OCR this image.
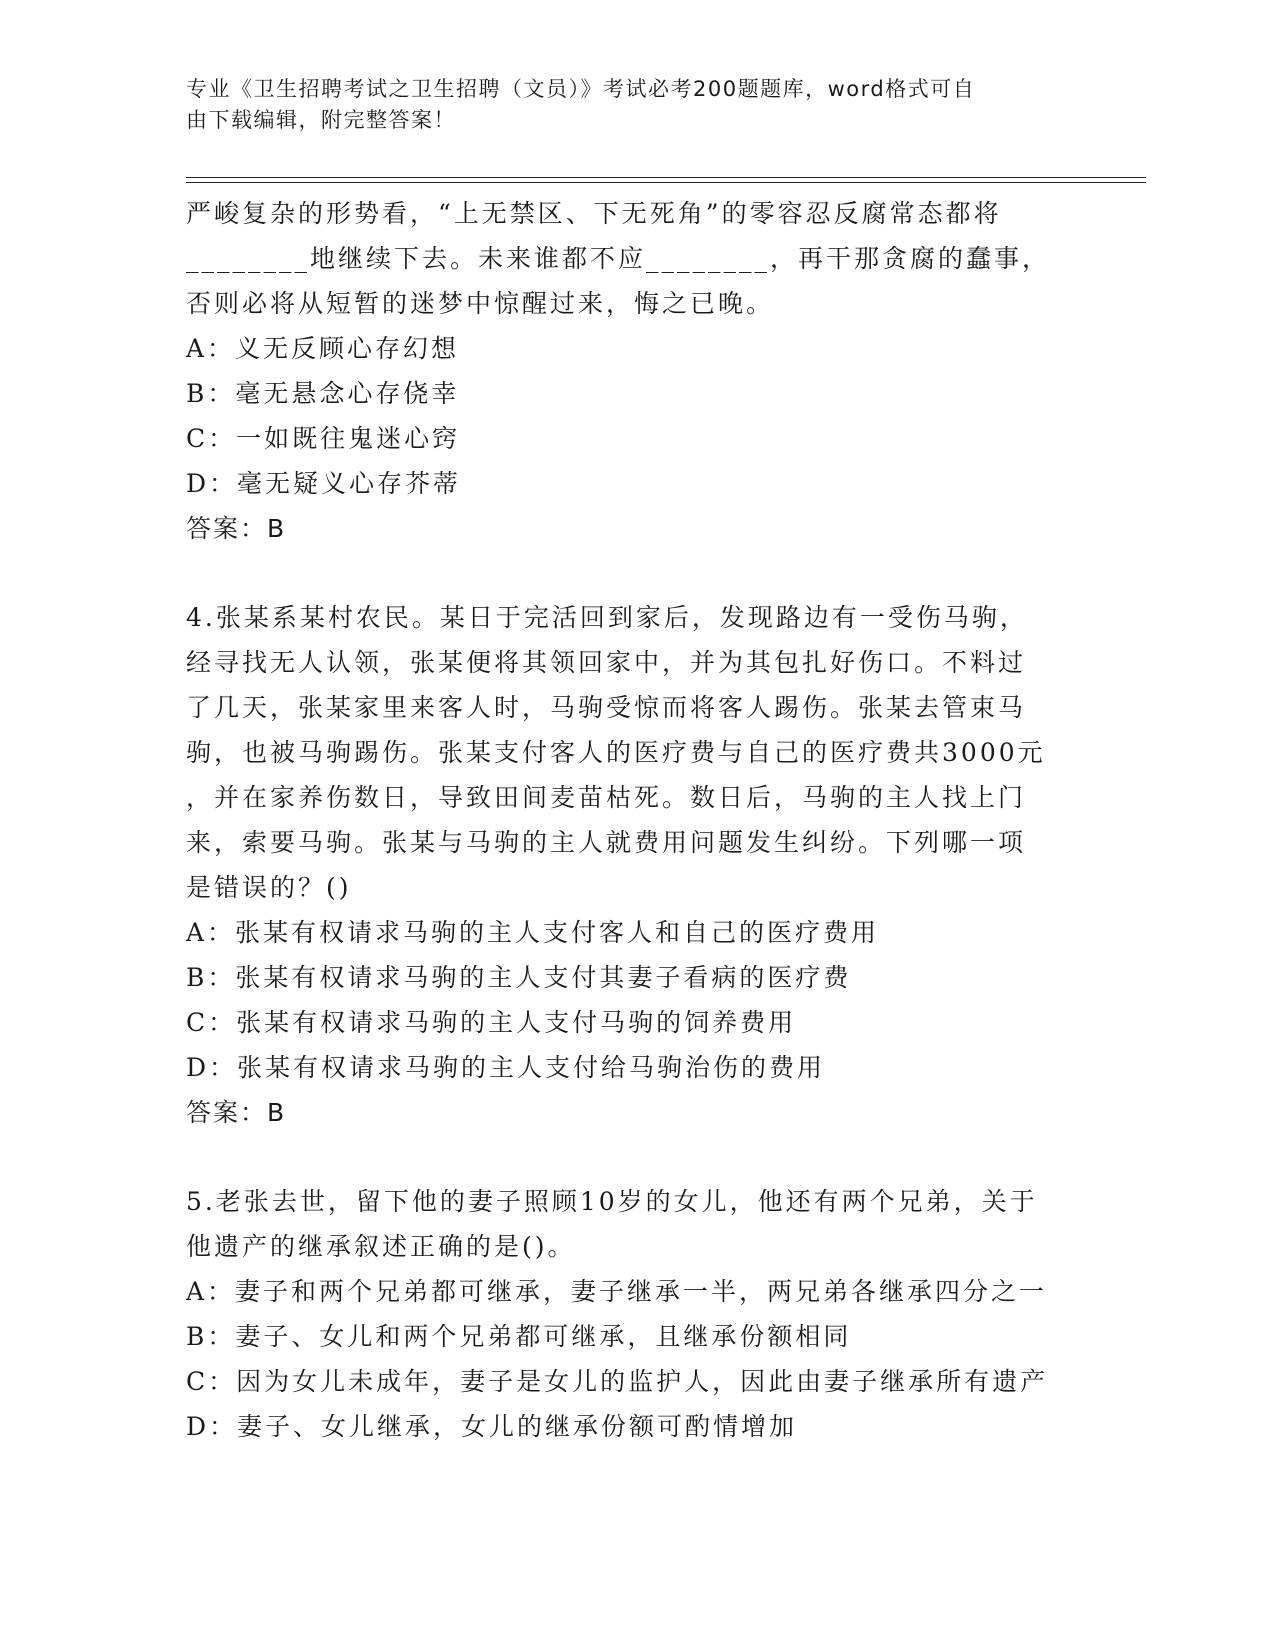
专业《卫生招聘考试之卫生招聘（文员）》考试必考200题题库，word格式可自
由下载编辑，附完整答案！
严峻复杂的形势看，“上无禁区、下无死角”的零容忍反腐常态都将
________地继续下去。未来谁都不应________，再干那贪腐的蠢事，
否则必将从短暂的迷梦中惊醒过来，悔之已晚。
A：义无反顾心存幻想
B：毫无悬念心存侥幸
C：一如既往鬼迷心窍
D：毫无疑义心存芥蒂
答案：B
4.张某系某村农民。某日于完活回到家后，发现路边有一受伤马驹，
经寻找无人认领，张某便将其领回家中，并为其包扎好伤口。不料过
了几天，张某家里来客人时，马驹受惊而将客人踢伤。张某去管束马
驹，也被马驹踢伤。张某支付客人的医疗费与自己的医疗费共3000元
，并在家养伤数日，导致田间麦苗枯死。数日后，马驹的主人找上门
来，索要马驹。张某与马驹的主人就费用问题发生纠纷。下列哪一项
是错误的？()
A：张某有权请求马驹的主人支付客人和自己的医疗费用
B：张某有权请求马驹的主人支付其妻子看病的医疗费
C：张某有权请求马驹的主人支付马驹的饲养费用
D：张某有权请求马驹的主人支付给马驹治伤的费用
答案：B
5.老张去世，留下他的妻子照顾10岁的女儿，他还有两个兄弟，关于
他遗产的继承叙述正确的是()。
A：妻子和两个兄弟都可继承，妻子继承一半，两兄弟各继承四分之一
B：妻子、女儿和两个兄弟都可继承，且继承份额相同
C：因为女儿未成年，妻子是女儿的监护人，因此由妻子继承所有遗产
D：妻子、女儿继承，女儿的继承份额可酌情增加
